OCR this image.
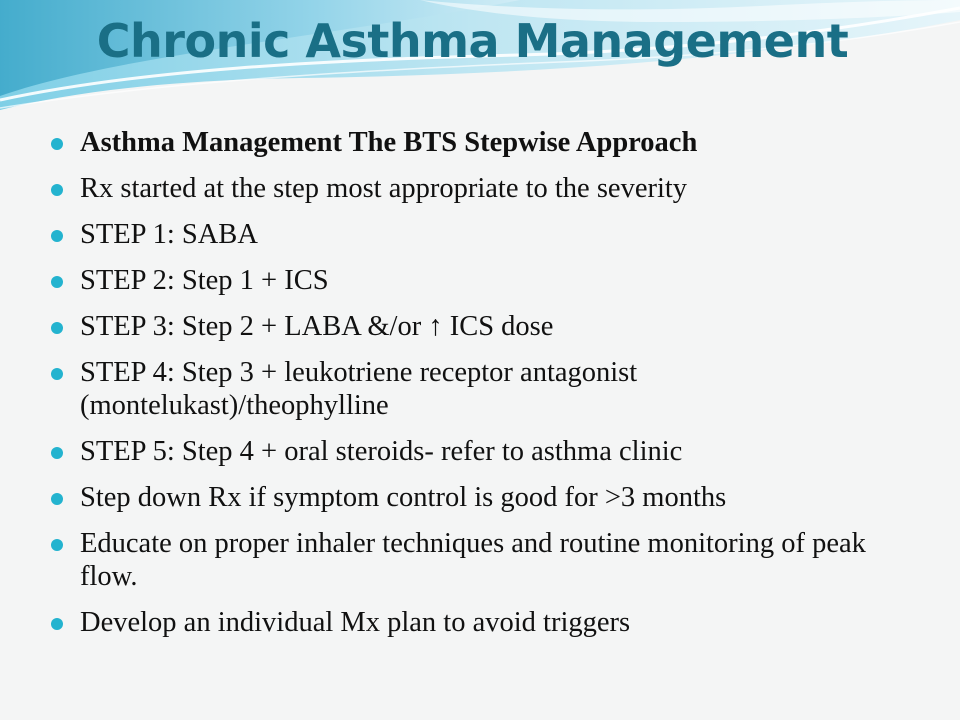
Chronic Asthma Management
Asthma Management The BTS Stepwise Approach
Rx started at the step most appropriate to the severity
STEP 1: SABA
STEP 2: Step 1 + ICS
STEP 3: Step 2 + LABA &/or ↑ ICS dose
STEP 4: Step 3 + leukotriene receptor antagonist (montelukast)/theophylline
STEP 5: Step 4 + oral steroids- refer to asthma clinic
Step down Rx if symptom control is good for >3 months
Educate on proper inhaler techniques and routine monitoring of peak flow.
Develop an individual Mx plan to avoid triggers
